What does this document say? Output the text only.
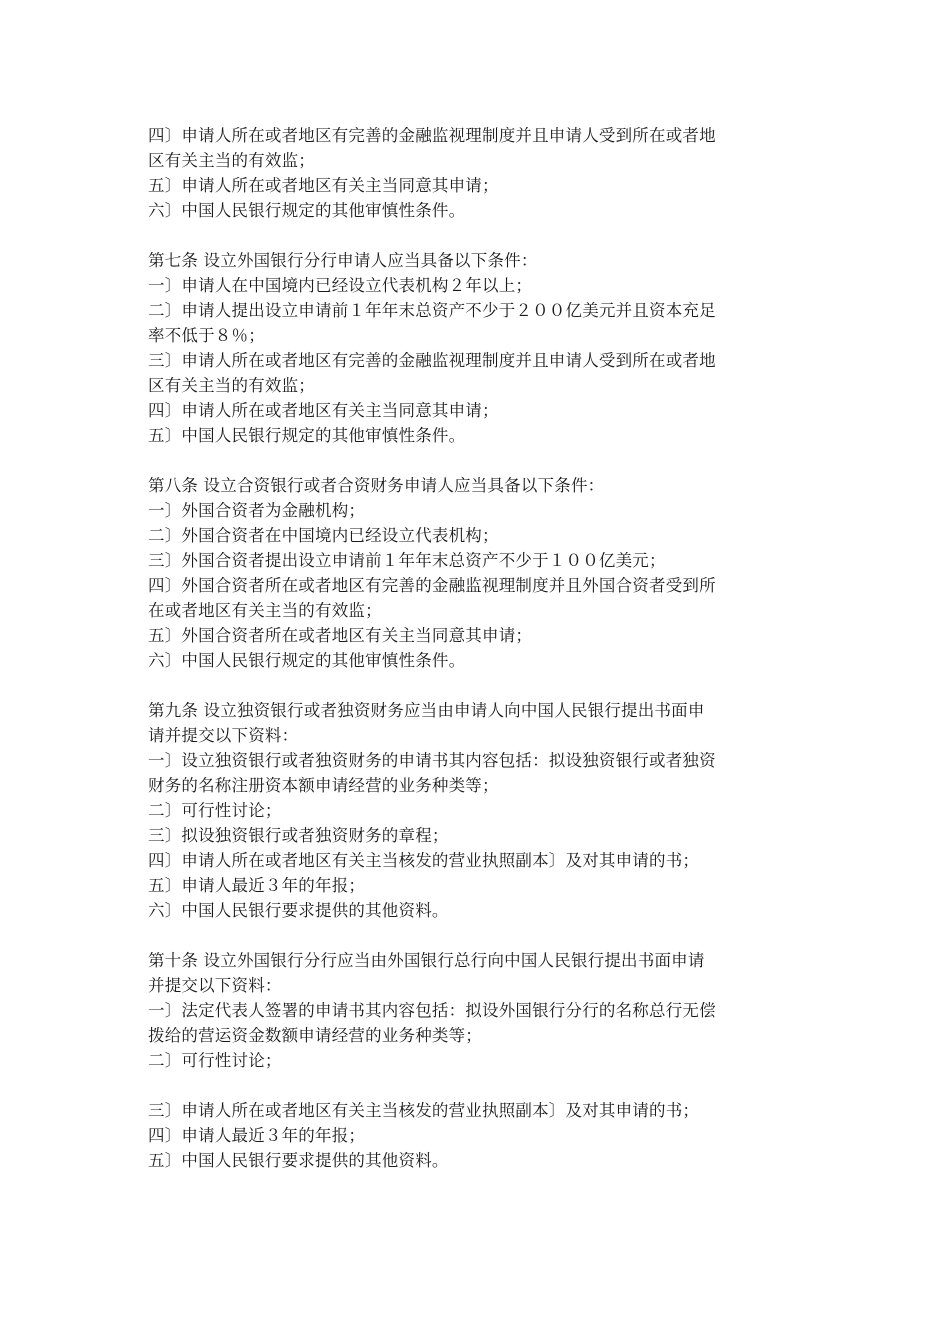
四〕申请人所在或者地区有完善的金融监视理制度并且申请人受到所在或者地
区有关主当的有效监；
五〕申请人所在或者地区有关主当同意其申请；
六〕中国人民银行规定的其他审慎性条件。
第七条 设立外国银行分行申请人应当具备以下条件：
一〕申请人在中国境内已经设立代表机构２年以上；
二〕申请人提出设立申请前１年年末总资产不少于２００亿美元并且资本充足
率不低于８％；
三〕申请人所在或者地区有完善的金融监视理制度并且申请人受到所在或者地
区有关主当的有效监；
四〕申请人所在或者地区有关主当同意其申请；
五〕中国人民银行规定的其他审慎性条件。
第八条 设立合资银行或者合资财务申请人应当具备以下条件：
一〕外国合资者为金融机构；
二〕外国合资者在中国境内已经设立代表机构；
三〕外国合资者提出设立申请前１年年末总资产不少于１００亿美元；
四〕外国合资者所在或者地区有完善的金融监视理制度并且外国合资者受到所
在或者地区有关主当的有效监；
五〕外国合资者所在或者地区有关主当同意其申请；
六〕中国人民银行规定的其他审慎性条件。
第九条 设立独资银行或者独资财务应当由申请人向中国人民银行提出书面申
请并提交以下资料：
一〕设立独资银行或者独资财务的申请书其内容包括：拟设独资银行或者独资
财务的名称注册资本额申请经营的业务种类等；
二〕可行性讨论；
三〕拟设独资银行或者独资财务的章程；
四〕申请人所在或者地区有关主当核发的营业执照副本〕及对其申请的书；
五〕申请人最近３年的年报；
六〕中国人民银行要求提供的其他资料。
第十条 设立外国银行分行应当由外国银行总行向中国人民银行提出书面申请
并提交以下资料：
一〕法定代表人签署的申请书其内容包括：拟设外国银行分行的名称总行无偿
拨给的营运资金数额申请经营的业务种类等；
二〕可行性讨论；
三〕申请人所在或者地区有关主当核发的营业执照副本〕及对其申请的书；
四〕申请人最近３年的年报；
五〕中国人民银行要求提供的其他资料。
